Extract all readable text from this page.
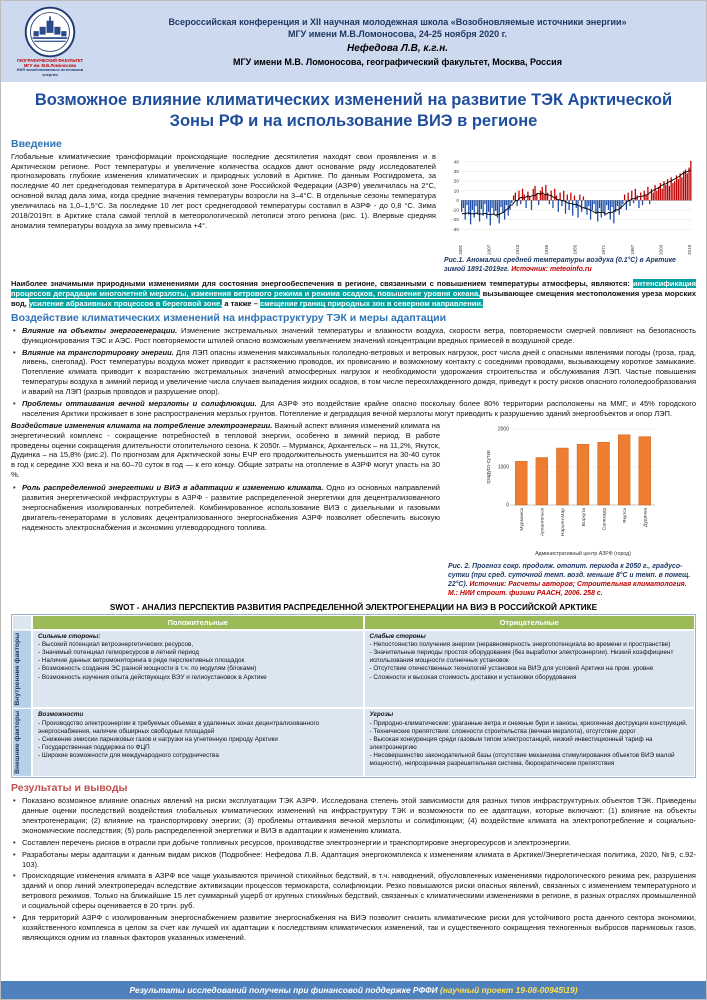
ГЕОГРАФИЧЕСКИЙ ФАКУЛЬТЕТ
МГУ им. М.В.Ломоносова
НИЛ возобновляемых источников энергии
Всероссийская конференция и XII научная молодежная школа «Возобновляемые источники энергии»
МГУ имени М.В.Ломоносова, 24-25 ноября 2020 г.
Нефедова Л.В, к.г.н.
МГУ имени М.В. Ломоносова, географический факультет, Москва, Россия
Возможное влияние климатических изменений на развитие ТЭК Арктической Зоны РФ и на использование ВИЭ в регионе
Введение
Глобальные климатические трансформации происходящие последние десятилетия находят свои проявления и в Арктическом регионе. Рост температуры и увеличение количества осадков дают основание ряду исследователей прогнозировать глубокие изменения климатических и природных условий в Арктике. По данным Росгидромета, за последние 40 лет среднегодовая температура в Арктической зоне Российской Федерации (АЗРФ) увеличилась на 2°С, основной вклад дала зима, когда средние значения температуры возросли на 3–4°С. В отдельные сезоны температура увеличилась на 1,0–1,5°С. За последние 10 лет рост среднегодовой температуры составил в АЗРФ - до 0,8 °С. Зима 2018/2019гг. в Арктике стала самой теплой в метеорологической летописи этого региона (рис. 1). Впервые средняя аномалия температуры воздуха за зиму превысила +4°.
40
30
20
10
0
-10
-20
-30
1891	1907	1923	1939	1955	1971	1987	2003	2019
Рис.1. Аномалии средней температуры воздуха (0.1°С) в Арктике зимой 1891-2019гг. Источник: meteoinfo.ru

Наиболее значимыми природными изменениями для состояния энергообеспечения в регионе, связанными с повышением температуры атмосферы, являются: интенсификация процессов деградации многолетней мерзлоты, изменения ветрового режима и режима осадков, повышение уровня океана, вызывающее смещения местоположения уреза морских вод, усиление абразивных процессов в береговой зоне, а также – смещение границ природных зон в северном направлении.

Воздействие климатических изменений на инфраструктуру ТЭК и меры адаптации
• Влияние на объекты энергогенерации. Изменение экстремальных значений температуры и влажности воздуха, скорости ветра, повторяемости смерчей повлияют на безопасность функционирования ТЭС и АЭС. Рост повторяемости штилей опасно возможным увеличением значений концентрации вредных примесей в воздушной среде.
• Влияние на транспортировку энергии. Для ЛЭП опасны изменения максимальных гололедно-ветровых и ветровых нагрузок, рост числа дней с опасными явлениями погоды (гроза, град, ливень, снегопад). Рост температуры воздуха может приводит к растяжению проводов, их провисанию и возможному контакту с соседними проводами, вызывающему короткое замыкание. Потепление климата приводит к возрастанию экстремальных значений атмосферных нагрузок и необходимости удорожания строительства и обслуживания ЛЭП. Частые повышения температуры воздуха в зимний период и увеличение числа случаев выпадения жидких осадков, в том числе переохлажденного дождя, приведут к росту рисков опасного гололедообразования и аварий на ЛЭП (разрыв проводов и разрушение опор).
• Проблемы оттаивания вечной мерзлоты и солифлюкции. Для АЗРФ это воздействие крайне опасно поскольку более 80% территории расположены на ММГ, и 45% городского населения Арктики проживает в зоне распространения мерзлых грунтов. Потепление и деградация вечной мерзлоты могут приводить к разрушению зданий энергообъектов и опор ЛЭП.

Воздействие изменения климата на потребление электроэнергии. Важный аспект влияния изменений климата на энергетический комплекс - сокращение потребностей в тепловой энергии, особенно в зимний период. В работе проведены оценки сокращения длительности отопительного сезона. К 2050г. – Мурманск, Архангельск – на 11,2%, Якутск, Дудинка – на 15,8% (рис.2). По прогнозам для Арктической зоны ЕЧР его продолжительность уменьшится на 30-40 суток в год к середине XXI века и на 60–70 суток в год — к его концу. Общие затраты на отопление в АЗРФ могут упасть на 30 %.

• Роль распределенной энергетики и ВИЭ в адаптации к изменению климата. Одно из основных направлений развития энергетической инфраструктуры в АЗРФ - развитие распределенной энергетики для децентрализованного энергоснабжения изолированных потребителей. Комбинированное использование ВИЭ с дизельными и газовыми двигатель-генераторами в условиях децентрализованного энергоснабжения АЗРФ позволяет обеспечить высокую надежность электроснабжения и экономию углеводородного топлива.

0
1000
2000
Мурманск	Архангельск	Нарьян-Мар	Воркута	Салехард	Якутск	Дудинка
градусо-сутки
Административный центр АЗРФ (город)
Рис. 2. Прогноз сокр. продолж. отопит. периода к 2050 г., градусо-сутки (при сред. суточной темп. возд. меньше 8°С и темп. в помещ. 22°С). Источник: Расчеты авторов; Строительная климатология. М.: НИИ строит. физики РААСН, 2006. 258 с.
SWOT - АНАЛИЗ ПЕРСПЕКТИВ РАЗВИТИЯ РАСПРЕДЕЛЕННОЙ ЭЛЕКТРОГЕНЕРАЦИИ НА ВИЭ В РОССИЙСКОЙ АРКТИКЕ
Положительные	Отрицательные
Внутренние факторы	Сильные стороны:
- Высокий потенциал ветроэнергетических ресурсов,
- Значимый потенциал гелиоресурсов в летний период
- Наличие данных ветромониторинга в ряде перспективных площадок
- Возможность создания ЭС разной мощности в т.ч. по модулям (блоками)
- Возможность изучения опыта действующих ВЭУ и гелиоустановок в Арктике
Слабые стороны
- Непостоянство получения энергии (неравномерность энергопотенциала во времени и пространстве)
- Значительные периоды простоя оборудования (без выработки электроэнергии). Низкий коэффициент использования мощности солнечных установок
- Отсутствие отечественных технологий установок на ВИЭ для условий Арктики на пром. уровне
- Сложности и высокая стоимость доставки и установки оборудования
Внешние факторы	Возможности
- Производство электроэнергии в требуемых объемах в удаленных зонах децентрализованного энергоснабжения, наличие обширных свободных площадей
- Снижение эмиссии парниковых газов и нагрузки на угнетенную природу Арктики
- Государственная поддержка по ФЦП
- Широкие возможности для международного сотрудничества
Угрозы
- Природно-климатические: ураганные ветра и снежные бури и заносы, криогенная деструкция конструкций.
- Технические препятствия: сложности строительства (вечная мерзлота), отсутствие дорог
- Высокая конкуренция среди газовым типом электростанций, низкий инвестиционный тариф на электроэнергию
- Несовершенство законодательной базы (отсутствие механизма стимулирования объектов ВИЭ малой мощности), непрозрачная разрешительная система, бюрократические препятствия
Результаты и выводы
• Показано возможное влияние опасных явлений на риски эксплуатации ТЭК АЗРФ. Исследована степень этой зависимости для разных типов инфраструктурных объектов ТЭК. Приведены данные оценки последствий воздействия глобальных климатических изменений на инфраструктуру ТЭК и возможности по ее адаптации, которые включают: (1) влияние на объекты электрогенерации; (2) влияние на транспортировку энергии; (3) проблемы оттаивания вечной мерзлоты и солифлюкции; (4) воздействие климата на электропотребление и социально-экономические последствия; (5) роль распределенной энергетики и ВИЭ в адаптации к изменению климата.
• Составлен перечень рисков в отрасли при добыче топливных ресурсов, производстве электроэнергии и транспортировке энергоресурсов и электроэнергии.
• Разработаны меры адаптации к данным видам рисков (Подробнее: Нефедова Л.В. Адаптация энергокомплекса к изменениям климата в Арктике//Энергетическая политика, 2020, №9, с.92-103).
• Происходящие изменения климата в АЗРФ все чаще указываются причиной стихийных бедствий, в т.ч. наводнений, обусловленных изменениями гидрологического режима рек, разрушения зданий и опор линий электропередач вследствие активизации процессов термокарста, солифлюкции. Резко повышаются риски опасных явлений, связанных с изменением температурного и ветрового режимов. Только на ближайшие 15 лет суммарный ущерб от крупных стихийных бедствий, связанных с климатическими изменениями в регионе, в разных отраслях промышленной и социальной сферы оценивается в 20 трлн. руб.
• Для территорий АЗРФ с изолированным энергоснабжением развитие энергоснабжения на ВИЭ позволит снизить климатические риски для устойчивого роста данного сектора экономики, хозяйственного комплекса в целом за счет как лучшей их адаптации к последствиям климатических изменений, так и существенного сокращения техногенных выбросов парниковых газов, являющихся одним из главных факторов указанных изменений.
Результаты исследований получены при финансовой поддержке РФФИ (научный проект 19-08-00945\19)
